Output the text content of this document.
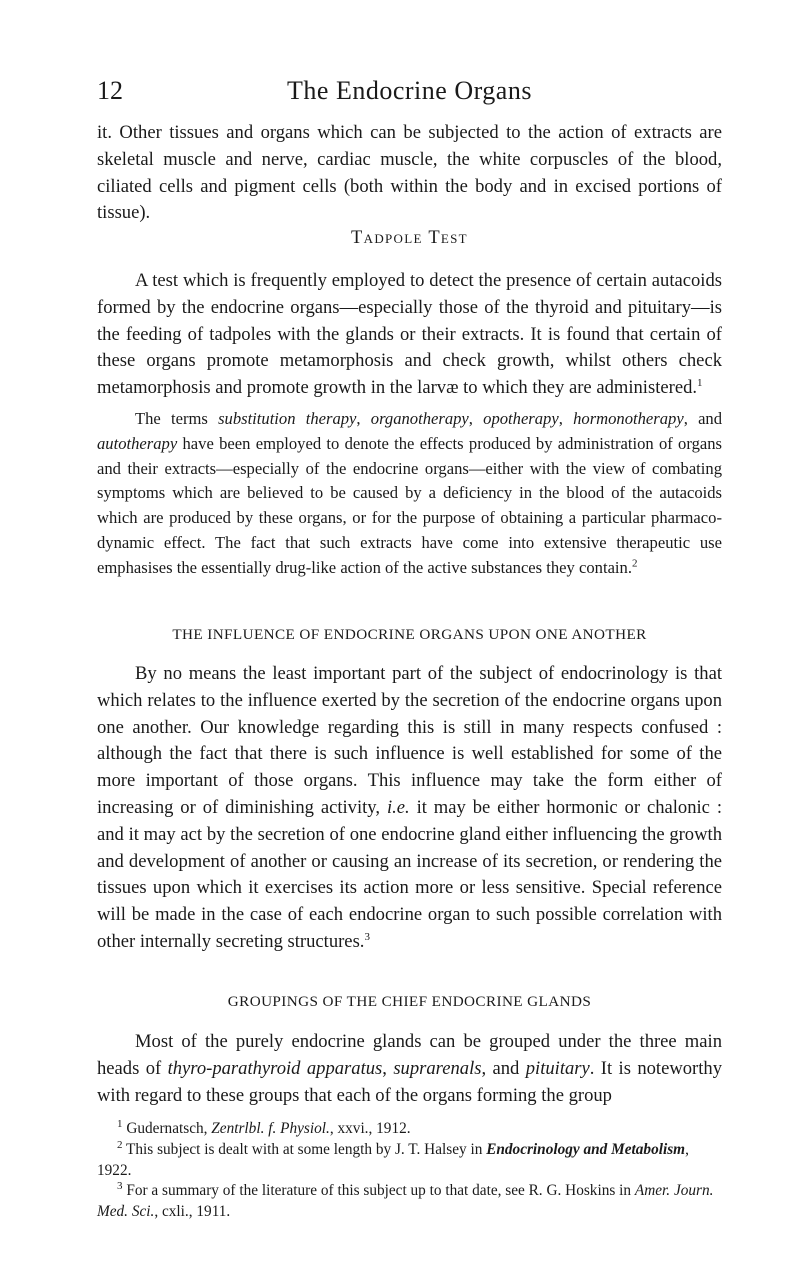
12	The Endocrine Organs

it. Other tissues and organs which can be subjected to the action of extracts are skeletal muscle and nerve, cardiac muscle, the white corpuscles of the blood, ciliated cells and pigment cells (both within the body and in excised portions of tissue).

Tadpole Test

A test which is frequently employed to detect the presence of certain autacoids formed by the endocrine organs—especially those of the thyroid and pituitary—is the feeding of tadpoles with the glands or their extracts. It is found that certain of these organs promote metamorphosis and check growth, whilst others check metamorphosis and promote growth in the larvæ to which they are administered.$^1$

The terms substitution therapy, organotherapy, opotherapy, hormonotherapy, and autotherapy have been employed to denote the effects produced by administration of organs and their extracts—especially of the endocrine organs—either with the view of combating symptoms which are believed to be caused by a deficiency in the blood of the autacoids which are produced by these organs, or for the purpose of obtaining a particular pharmaco-dynamic effect. The fact that such extracts have come into extensive therapeutic use emphasises the essentially drug-like action of the active substances they contain.$^2$

THE INFLUENCE OF ENDOCRINE ORGANS UPON ONE ANOTHER

By no means the least important part of the subject of endocrinology is that which relates to the influence exerted by the secretion of the endocrine organs upon one another. Our knowledge regarding this is still in many respects confused : although the fact that there is such influence is well established for some of the more important of those organs. This influence may take the form either of increasing or of diminishing activity, i.e. it may be either hormonic or chalonic : and it may act by the secretion of one endocrine gland either influencing the growth and development of another or causing an increase of its secretion, or rendering the tissues upon which it exercises its action more or less sensitive. Special reference will be made in the case of each endocrine organ to such possible correlation with other internally secreting structures.$^3$

GROUPINGS OF THE CHIEF ENDOCRINE GLANDS

Most of the purely endocrine glands can be grouped under the three main heads of thyro-parathyroid apparatus, suprarenals, and pituitary. It is noteworthy with regard to these groups that each of the organs forming the group

$^1$ Gudernatsch, Zentrlbl. f. Physiol., xxvi., 1912.

$^2$ This subject is dealt with at some length by J. T. Halsey in Endocrinology and Metabolism, 1922.

$^3$ For a summary of the literature of this subject up to that date, see R. G. Hoskins in Amer. Journ. Med. Sci., cxli., 1911.
